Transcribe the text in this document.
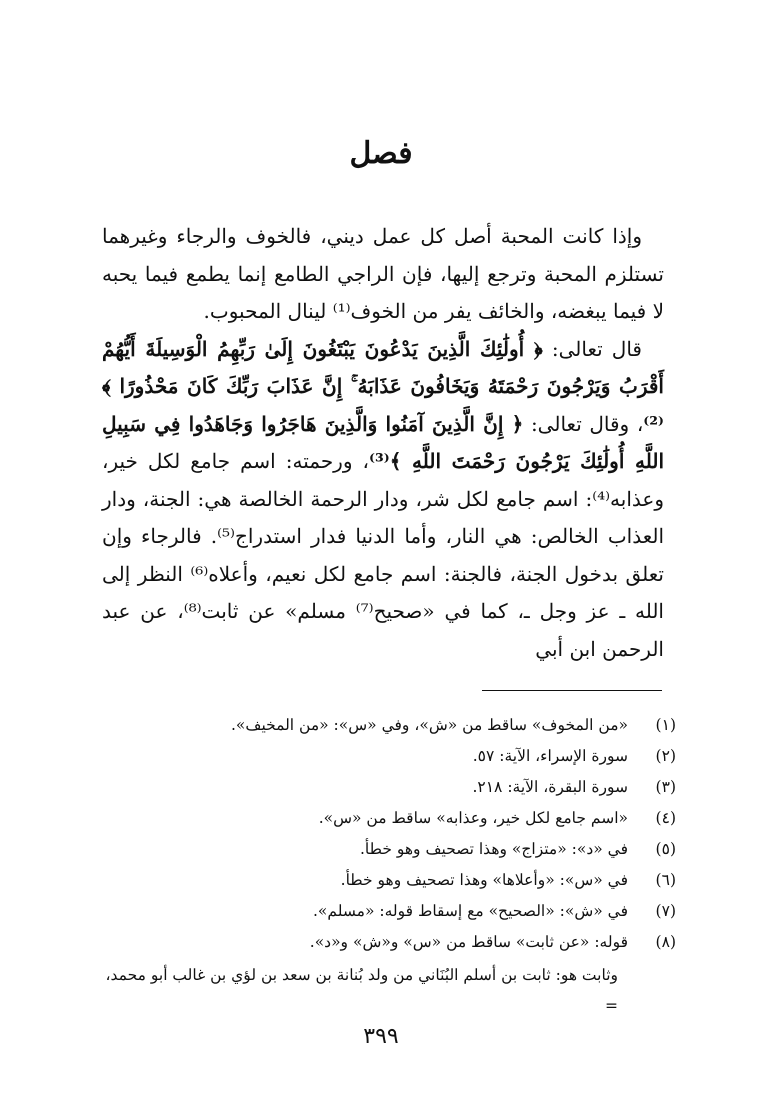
فصل

وإذا كانت المحبة أصل كل عمل ديني، فالخوف والرجاء وغيرهما تستلزم المحبة وترجع إليها، فإن الراجي الطامع إنما يطمع فيما يحبه لا فيما يبغضه، والخائف يفر من الخوف⁽¹⁾ لينال المحبوب.

قال تعالى: ﴿ أُولَٰئِكَ الَّذِينَ يَدْعُونَ يَبْتَغُونَ إِلَىٰ رَبِّهِمُ الْوَسِيلَةَ أَيُّهُمْ أَقْرَبُ وَيَرْجُونَ رَحْمَتَهُ وَيَخَافُونَ عَذَابَهُ ۚ إِنَّ عَذَابَ رَبِّكَ كَانَ مَحْذُورًا ﴾⁽²⁾، وقال تعالى: ﴿ إِنَّ الَّذِينَ آمَنُوا وَالَّذِينَ هَاجَرُوا وَجَاهَدُوا فِي سَبِيلِ اللَّهِ أُولَٰئِكَ يَرْجُونَ رَحْمَتَ اللَّهِ ﴾⁽³⁾، ورحمته: اسم جامع لكل خير، وعذابه⁽⁴⁾: اسم جامع لكل شر، ودار الرحمة الخالصة هي: الجنة، ودار العذاب الخالص: هي النار، وأما الدنيا فدار استدراج⁽⁵⁾. فالرجاء وإن تعلق بدخول الجنة، فالجنة: اسم جامع لكل نعيم، وأعلاه⁽⁶⁾ النظر إلى الله ـ عز وجل ـ، كما في «صحيح⁽⁷⁾ مسلم» عن ثابت⁽⁸⁾، عن عبد الرحمن ابن أبي

(١)
«من المخوف» ساقط من «ش»، وفي «س»: «من المخيف».
(٢)
سورة الإسراء، الآية: ٥٧.
(٣)
سورة البقرة، الآية: ٢١٨.
(٤)
«اسم جامع لكل خير، وعذابه» ساقط من «س».
(٥)
في «د»: «متزاج» وهذا تصحيف وهو خطأ.
(٦)
في «س»: «وأعلاها» وهذا تصحيف وهو خطأ.
(٧)
في «ش»: «الصحيح» مع إسقاط قوله: «مسلم».
(٨)
قوله: «عن ثابت» ساقط من «س» و«ش» و«د».
وثابت هو: ثابت بن أسلم البُنَاني من ولد بُنانة بن سعد بن لؤي بن غالب أبو محمد، =
٣٩٩
